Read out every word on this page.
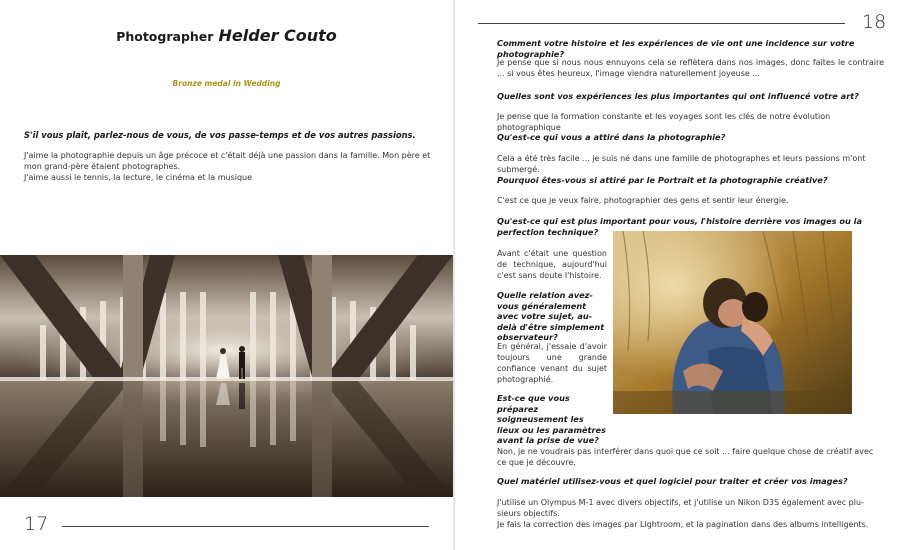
Photographer Helder Couto
Bronze medal in Wedding
S'il vous plaît, parlez-nous de vous, de vos passe-temps et de vos autres passions.
J'aime la photographie depuis un âge précoce et c'était déjà une passion dans la famille. Mon père et mon grand-père étaient photographes.
J'aime aussi le tennis, la lecture, le cinéma et la musique
17
18
Comment votre histoire et les expériences de vie ont une incidence sur votre photographie?
Je pense que si nous nous ennuyons cela se reflètera dans nos images, donc faites le contraire ... si vous êtes heureux, l'image viendra naturellement joyeuse ...
Quelles sont vos expériences les plus importantes qui ont influencé votre art?
Je pense que la formation constante et les voyages sont les clés de notre évolution photographique
Qu'est-ce qui vous a attiré dans la photographie?
Cela a été très facile ... je suis né dans une famille de photographes et leurs passions m'ont submergé.
Pourquoi êtes-vous si attiré par le Portrait et la photographie créative?
C'est ce que je veux faire, photographier des gens et sentir leur énergie.
Qu'est-ce qui est plus important pour vous, l'histoire derrière vos images ou la perfection technique?
Avant c'était une question de technique, aujourd'hui c'est sans doute l'histoire.
Quelle relation avez-vous généralement avec votre sujet, au-delà d'être simplement observateur?
En général, j'essaie d'avoir toujours une grande confiance venant du sujet photographié.
Est-ce que vous préparez soigneusement les lieux ou les paramètres avant la prise de vue?
Non, je ne voudrais pas interférer dans quoi que ce soit ... faire quelque chose de créatif avec ce que je découvre.
Quel matériel utilisez-vous et quel logiciel pour traiter et créer vos images?
J'utilise un Olympus M-1 avec divers objectifs, et j'utilise un Nikon D3S également avec plu-sieurs objectifs.
Je fais la correction des images par Lightroom, et la pagination dans des albums intelligents.
